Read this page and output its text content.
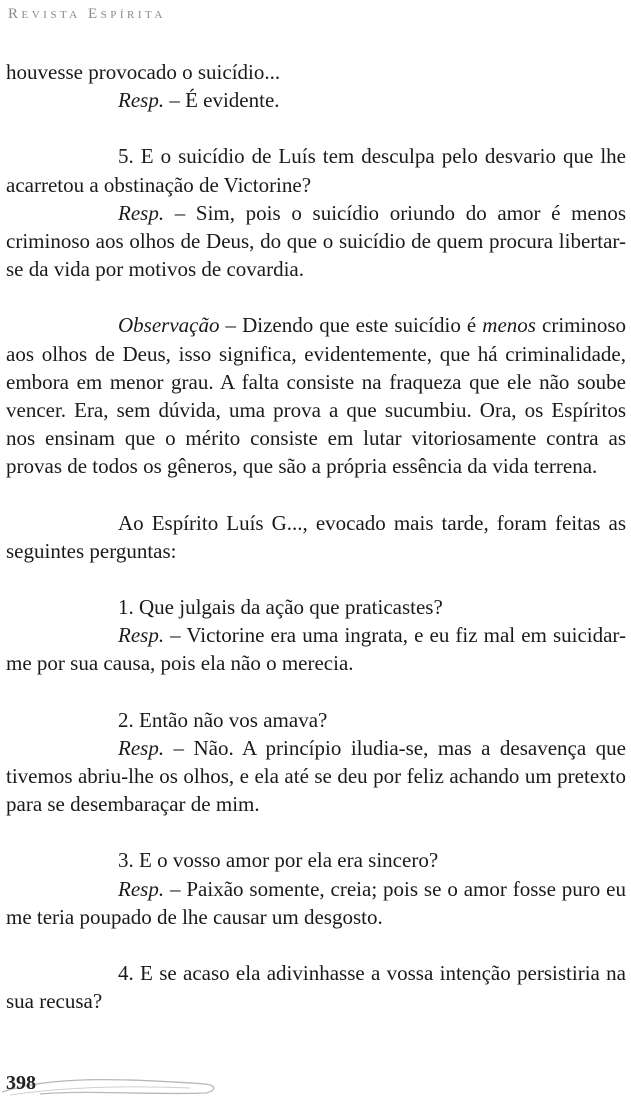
Revista Espírita

houvesse provocado o suicídio...

Resp. – É evidente.

5. E o suicídio de Luís tem desculpa pelo desvario que lhe acarretou a obstinação de Victorine?

Resp. – Sim, pois o suicídio oriundo do amor é menos criminoso aos olhos de Deus, do que o suicídio de quem procura libertar-se da vida por motivos de covardia.

Observação – Dizendo que este suicídio é menos criminoso aos olhos de Deus, isso significa, evidentemente, que há criminalidade, embora em menor grau. A falta consiste na fraqueza que ele não soube vencer. Era, sem dúvida, uma prova a que sucumbiu. Ora, os Espíritos nos ensinam que o mérito consiste em lutar vitoriosamente contra as provas de todos os gêneros, que são a própria essência da vida terrena.

Ao Espírito Luís G..., evocado mais tarde, foram feitas as seguintes perguntas:

1. Que julgais da ação que praticastes?

Resp. – Victorine era uma ingrata, e eu fiz mal em suicidar-me por sua causa, pois ela não o merecia.

2. Então não vos amava?

Resp. – Não. A princípio iludia-se, mas a desavença que tivemos abriu-lhe os olhos, e ela até se deu por feliz achando um pretexto para se desembaraçar de mim.

3. E o vosso amor por ela era sincero?

Resp. – Paixão somente, creia; pois se o amor fosse puro eu me teria poupado de lhe causar um desgosto.

4. E se acaso ela adivinhasse a vossa intenção persistiria na sua recusa?

398
